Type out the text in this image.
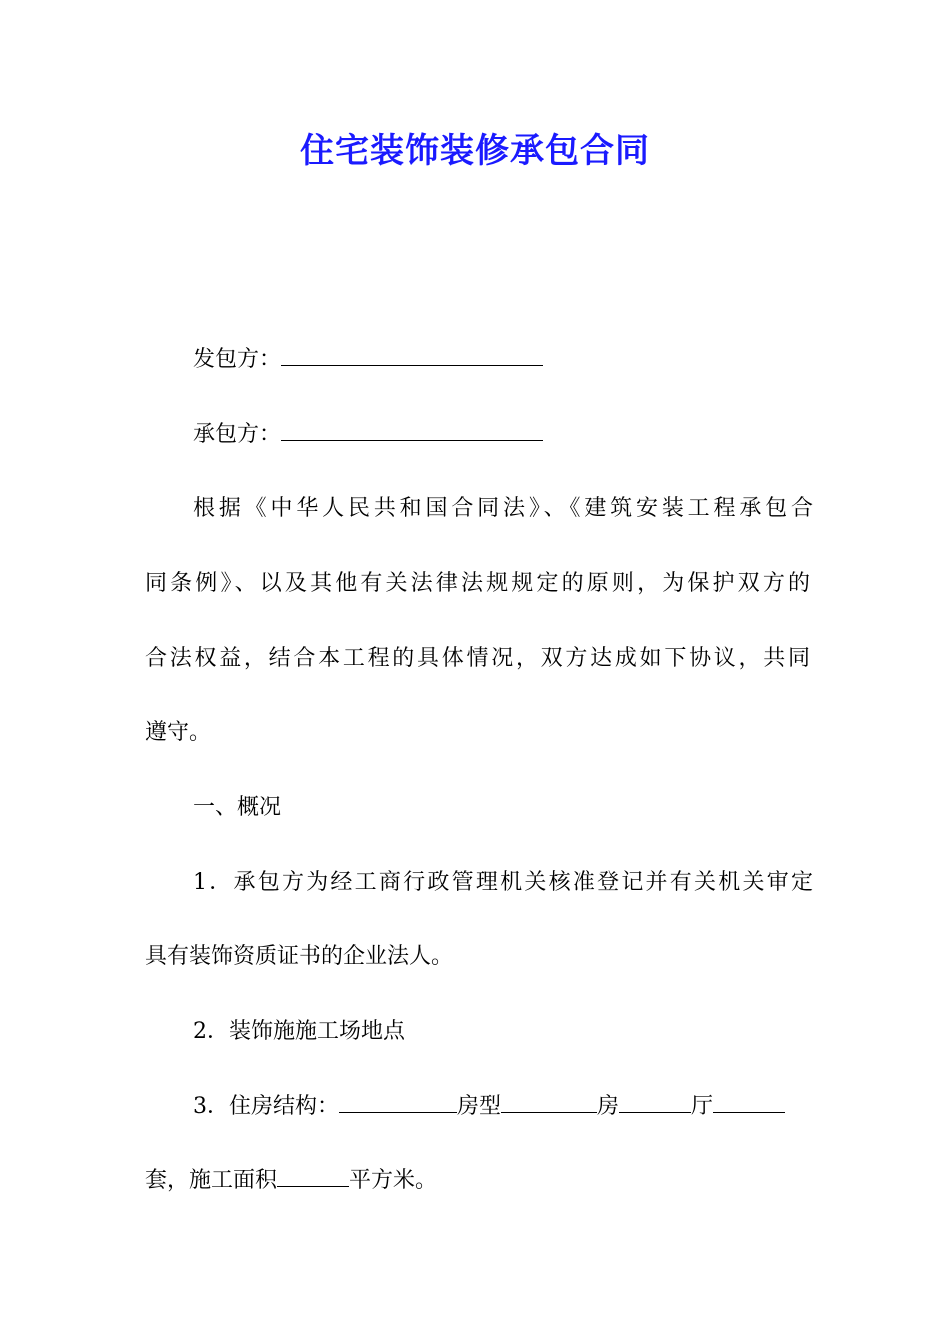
住宅装饰装修承包合同
发包方：
承包方：
根据《中华人民共和国合同法》、《建筑安装工程承包合
同条例》、以及其他有关法律法规规定的原则，为保护双方的
合法权益，结合本工程的具体情况，双方达成如下协议，共同
遵守。
一、概况
1．承包方为经工商行政管理机关核准登记并有关机关审定
具有装饰资质证书的企业法人。
2．装饰施施工场地点
3．住房结构：	房型	房	厅
套，施工面积	平方米。
